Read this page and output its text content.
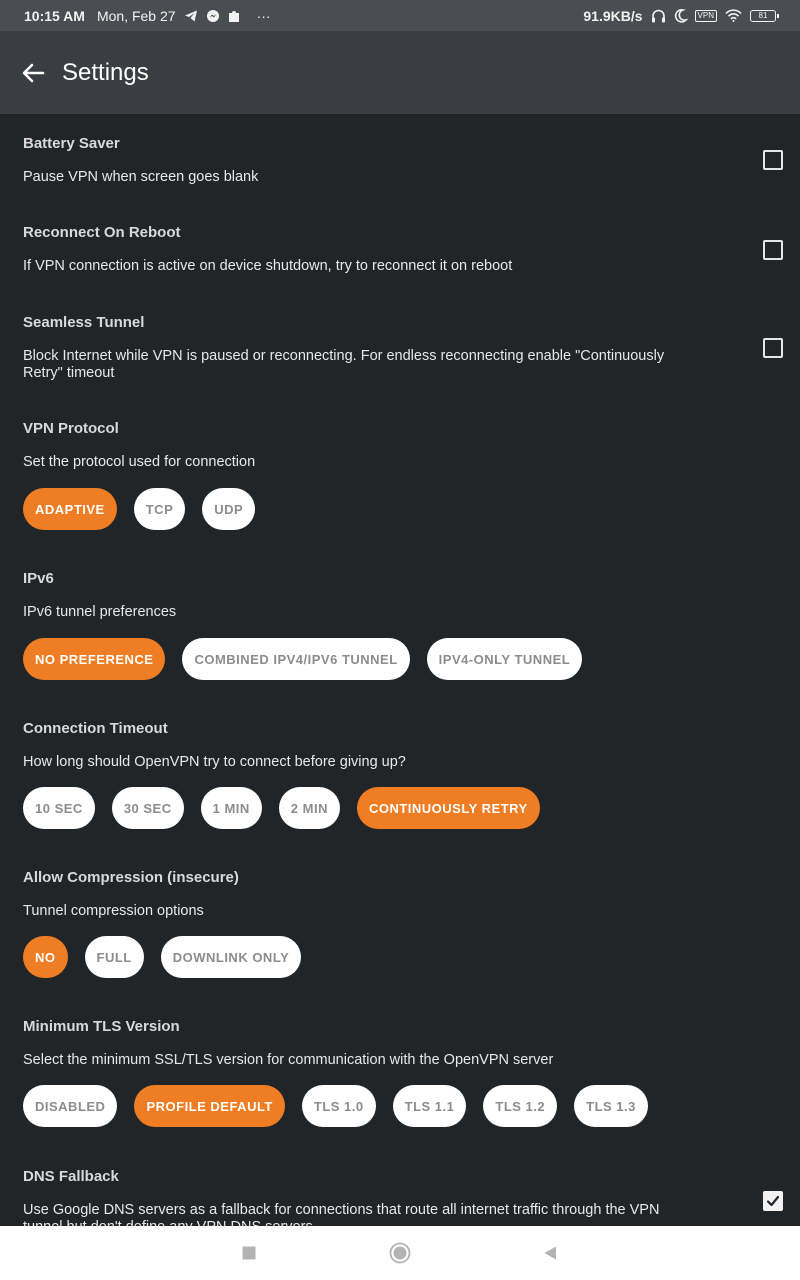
10:15 AM Mon, Feb 27	···	91.9KB/s	VPN	81
Settings
Battery Saver
Pause VPN when screen goes blank
Reconnect On Reboot
If VPN connection is active on device shutdown, try to reconnect it on reboot
Seamless Tunnel
Block Internet while VPN is paused or reconnecting. For endless reconnecting enable "Continuously Retry" timeout
VPN Protocol
Set the protocol used for connection
ADAPTIVE	TCP	UDP
IPv6
IPv6 tunnel preferences
NO PREFERENCE	COMBINED IPV4/IPV6 TUNNEL	IPV4-ONLY TUNNEL
Connection Timeout
How long should OpenVPN try to connect before giving up?
10 SEC	30 SEC	1 MIN	2 MIN	CONTINUOUSLY RETRY
Allow Compression (insecure)
Tunnel compression options
NO	FULL	DOWNLINK ONLY
Minimum TLS Version
Select the minimum SSL/TLS version for communication with the OpenVPN server
DISABLED	PROFILE DEFAULT	TLS 1.0	TLS 1.1	TLS 1.2	TLS 1.3
DNS Fallback
Use Google DNS servers as a fallback for connections that route all internet traffic through the VPN
